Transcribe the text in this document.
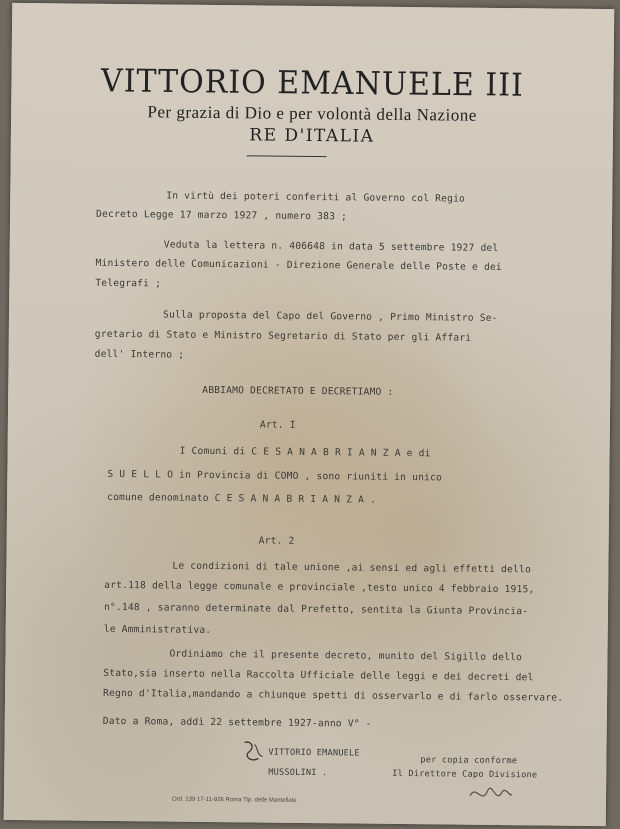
VITTORIO EMANUELE III
Per grazia di Dio e per volontà della Nazione
RE D'ITALIA
In virtù dei poteri conferiti al Governo col Regio
Decreto Legge 17 marzo 1927 , numero 383 ;
Veduta la lettera n. 406648 in data 5 settembre 1927 del
Ministero delle Comunicazioni - Direzione Generale delle Poste e dei
Telegrafi ;
Sulla proposta del Capo del Governo , Primo Ministro Se-
gretario di Stato e Ministro Segretario di Stato per gli Affari
dell' Interno ;
ABBIAMO DECRETATO E DECRETIAMO :
Art. I
I Comuni di C E S A N A B R I A N Z A e di
S U E L L O in Provincia di COMO , sono riuniti in unico
comune denominato C E S A N A B R I A N Z A .
Art. 2
Le condizioni di tale unione ,ai sensi ed agli effetti dello
art.118 della legge comunale e provinciale ,testo unico 4 febbraio 1915,
n°.148 , saranno determinate dal Prefetto, sentita la Giunta Provincia-
le Amministrativa.
Ordiniamo che il presente decreto, munito del Sigillo dello
Stato,sia inserto nella Raccolta Ufficiale delle leggi e dei decreti del
Regno d'Italia,mandando a chiunque spetti di osservarlo e di farlo osservare.
Dato a Roma, addì 22 settembre 1927-anno V° -
VITTORIO EMANUELE
MUSSOLINI .
per copia conforme
Il Direttore Capo Divisione
Ord. 139 17-11-926 Roma Tip. delle Mantellate
